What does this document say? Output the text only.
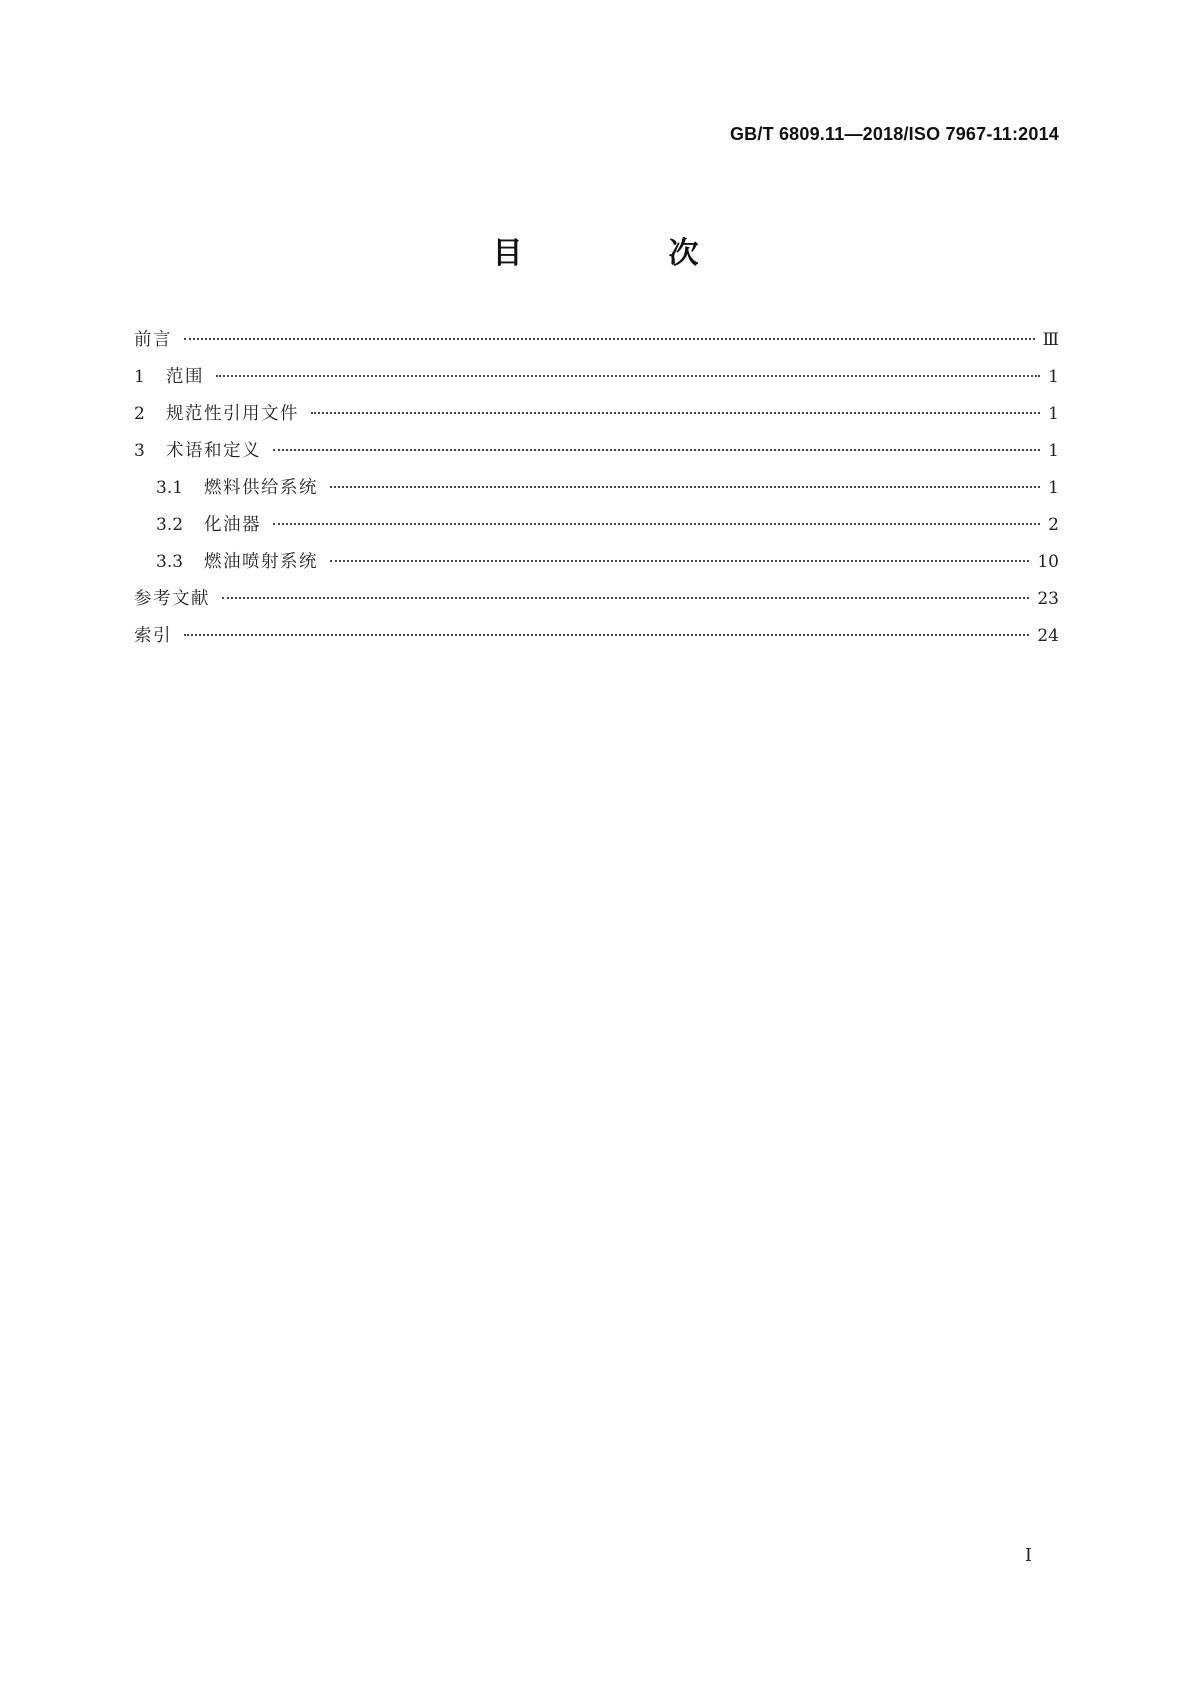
GB/T 6809.11—2018/ISO 7967-11:2014
目　次
前言	Ⅲ
1	范围	1
2	规范性引用文件	1
3	术语和定义	1
3.1	燃料供给系统	1
3.2	化油器	2
3.3	燃油喷射系统	10
参考文献	23
索引	24
I
